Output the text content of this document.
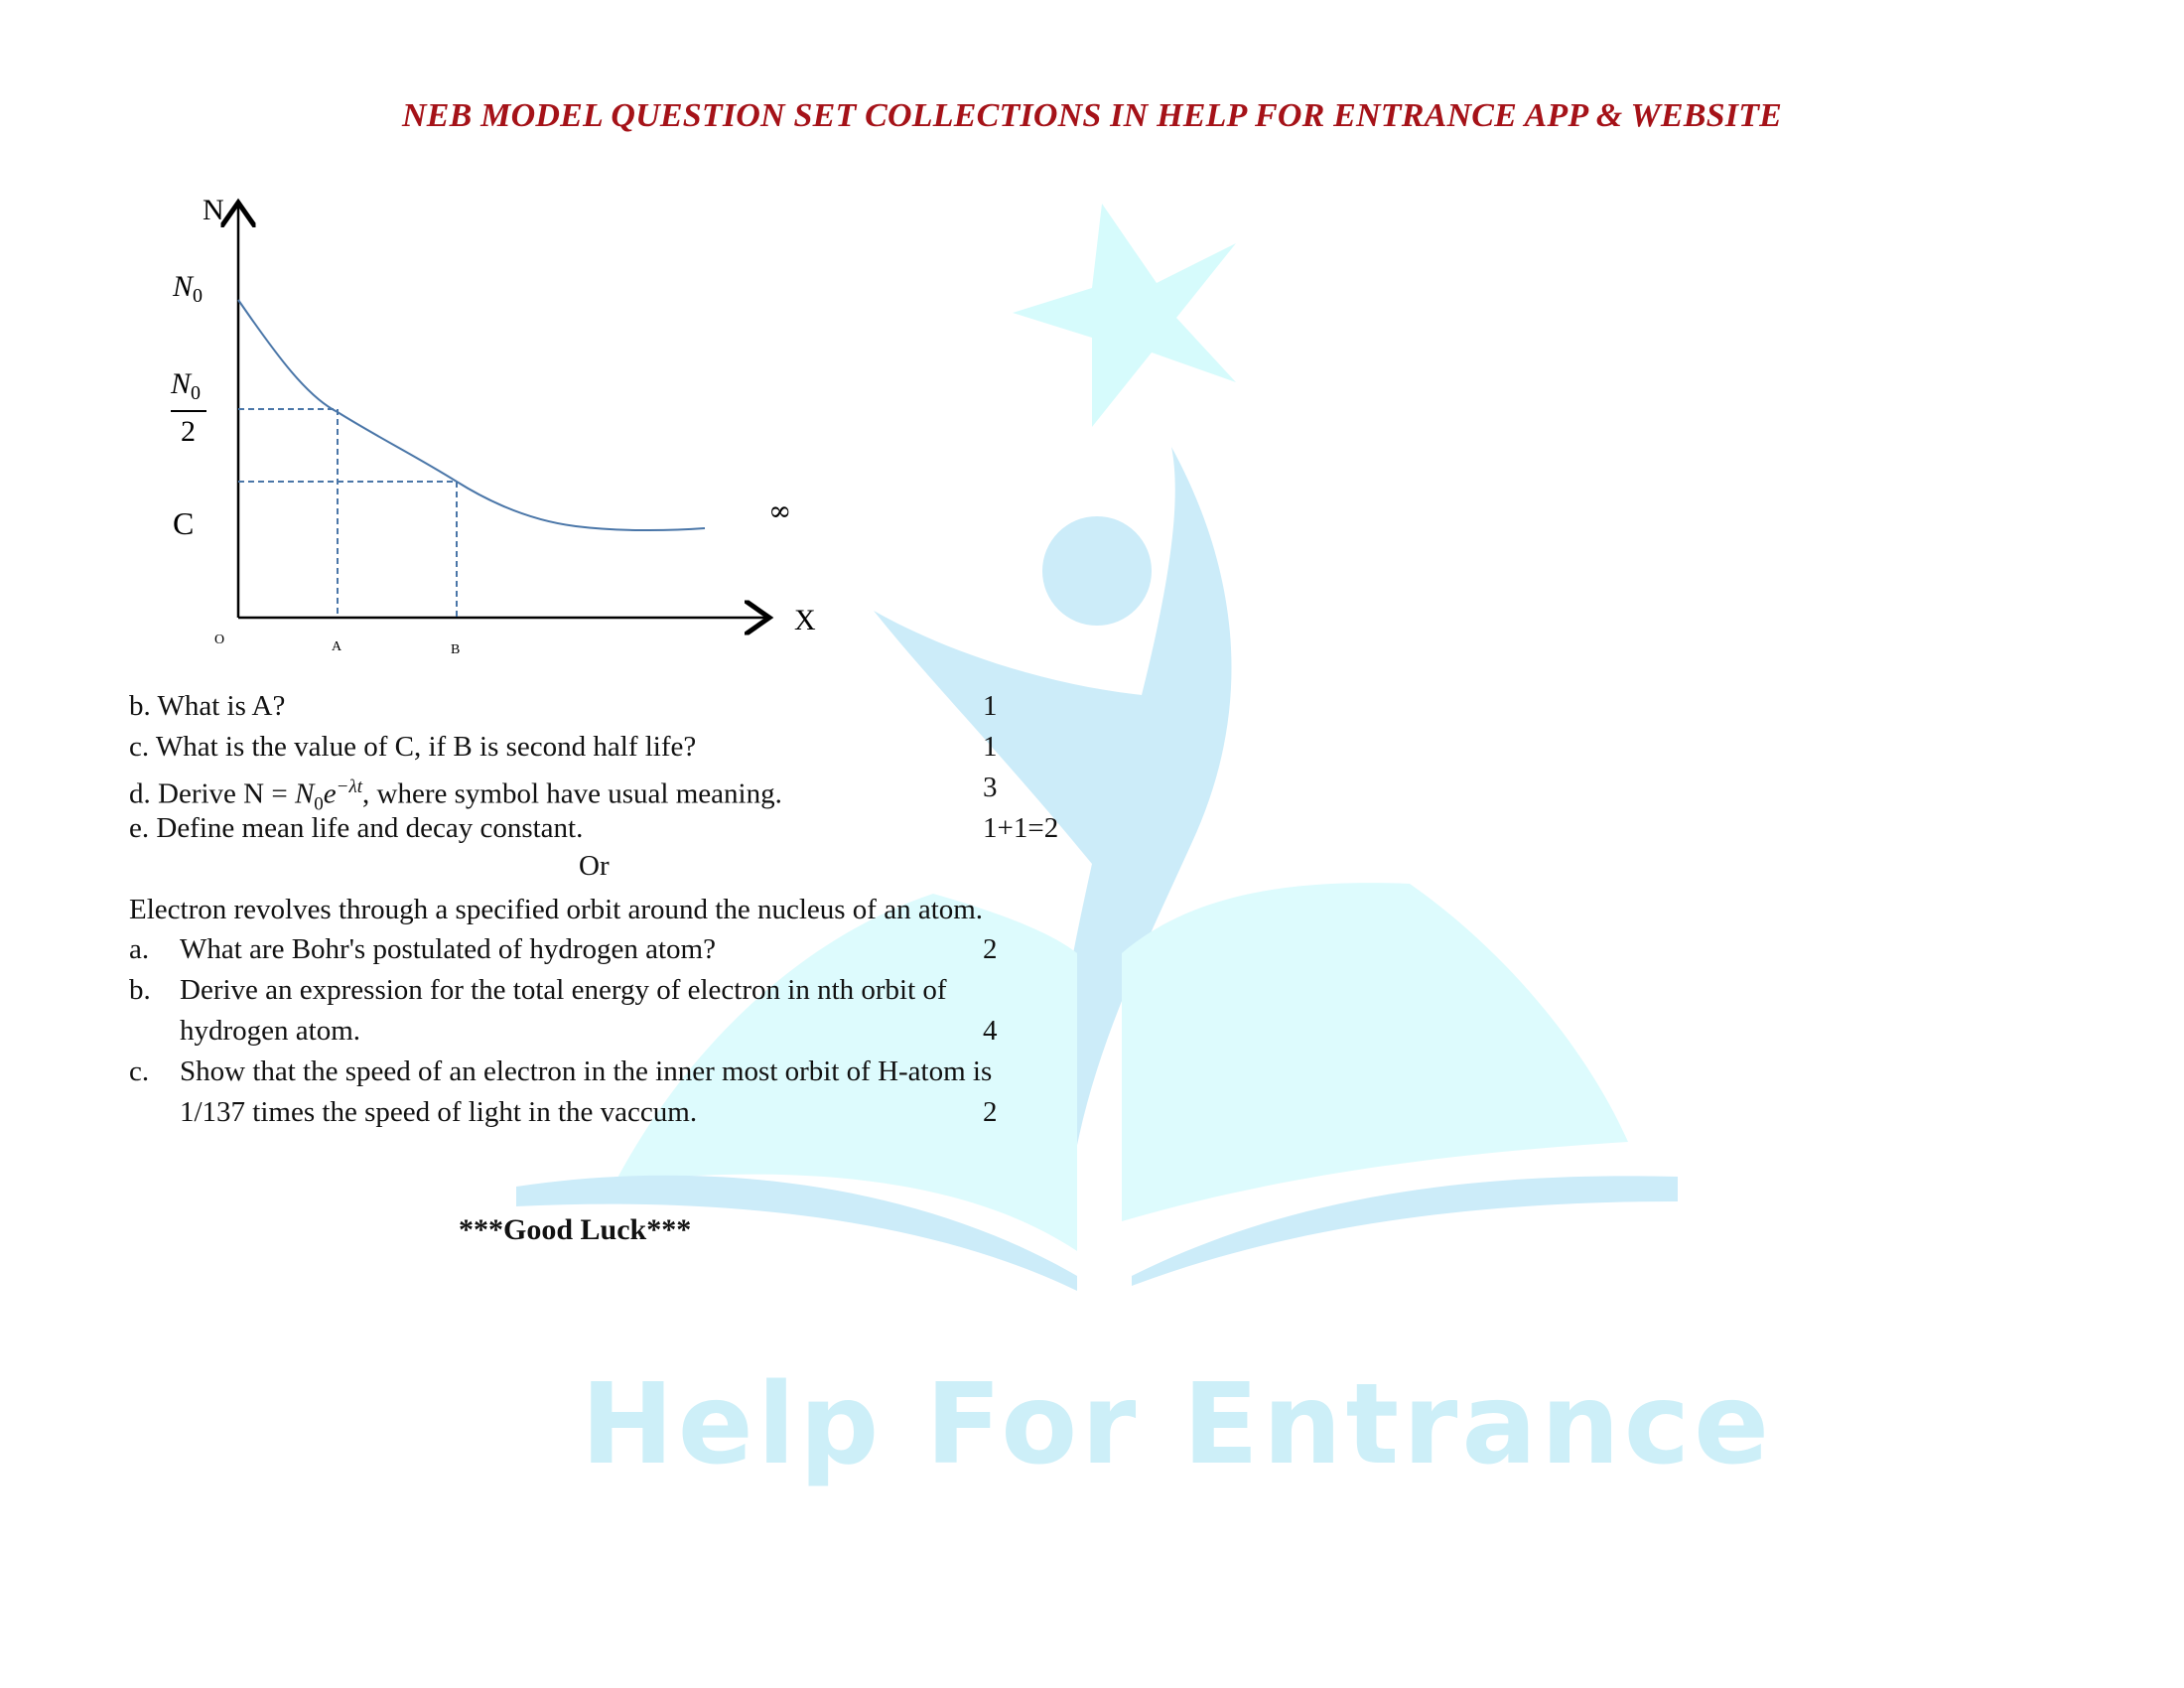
Help For Entrance
NEB MODEL QUESTION SET COLLECTIONS IN HELP FOR ENTRANCE APP & WEBSITE
N
X
O	A	B
$N_0$
$N_0$
2
C	∞
b. What is A?	1
c. What is the value of C, if B is second half life?	1
d. Derive $N = N_0e^{-\lambda t}$, where symbol have usual meaning.	3
e. Define mean life and decay constant.	1+1=2
Or
Electron revolves through a specified orbit around the nucleus of an atom.
a. What are Bohr's postulated of hydrogen atom?	2
b. Derive an expression for the total energy of electron in nth orbit of
hydrogen atom.	4
c. Show that the speed of an electron in the inner most orbit of H-atom is
1/137 times the speed of light in the vaccum.	2
***Good Luck***
